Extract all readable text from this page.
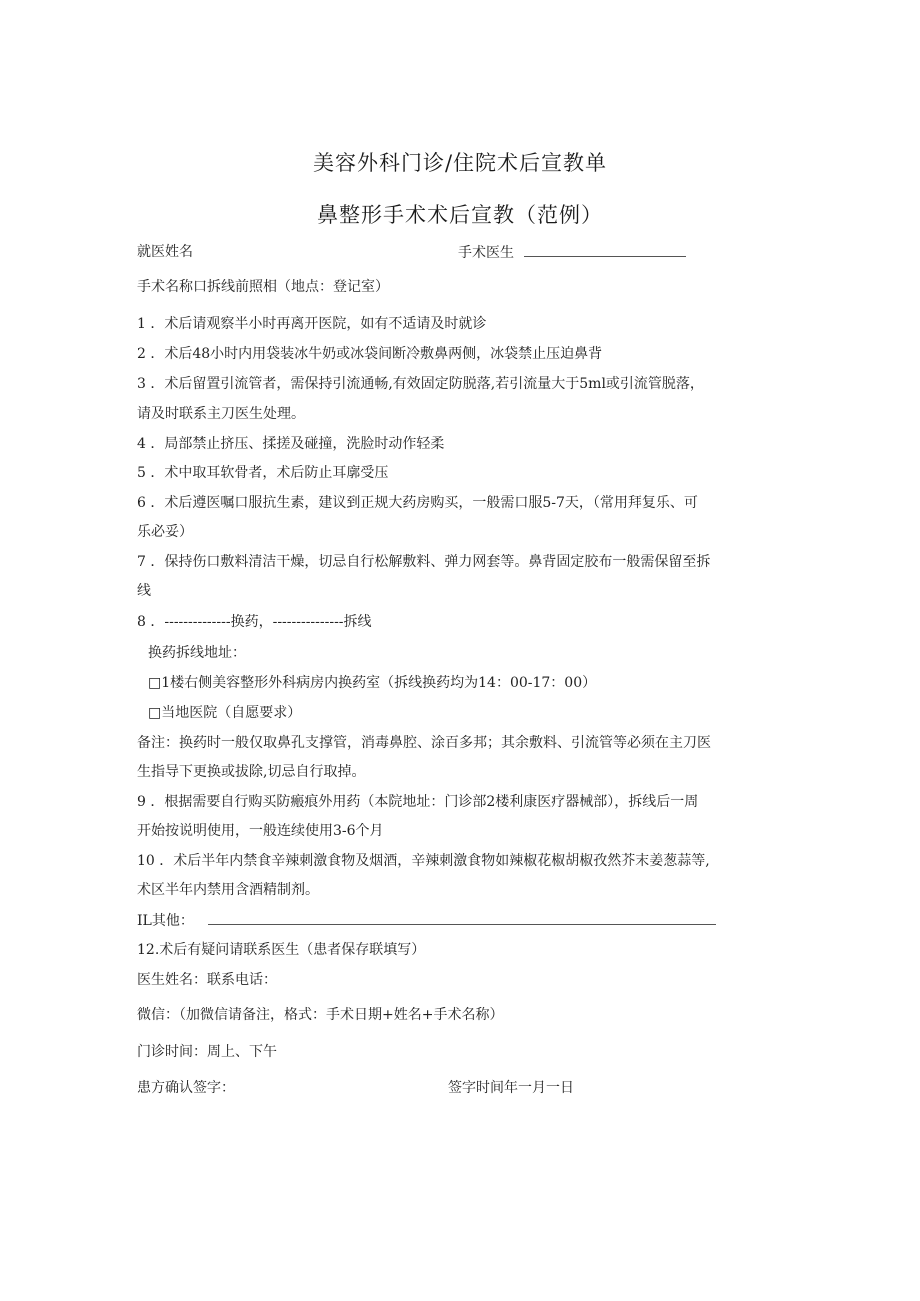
美容外科门诊/住院术后宣教单
鼻整形手术术后宣教（范例）
就医姓名	手术医生
手术名称口拆线前照相（地点：登记室）
1 ．术后请观察半小时再离开医院，如有不适请及时就诊
2 ．术后48小时内用袋装冰牛奶或冰袋间断冷敷鼻两侧，冰袋禁止压迫鼻背
3 ．术后留置引流管者，需保持引流通畅,有效固定防脱落,若引流量大于5ml或引流管脱落，
请及时联系主刀医生处理。
4 ．局部禁止挤压、揉搓及碰撞，洗脸时动作轻柔
5 ．术中取耳软骨者，术后防止耳廓受压
6 ．术后遵医嘱口服抗生素，建议到正规大药房购买，一般需口服5-7天，（常用拜复乐、可
乐必妥）
7 ．保持伤口敷料清洁干燥，切忌自行松解敷料、弹力网套等。鼻背固定胶布一般需保留至拆
线
8 ．--------------换药，---------------拆线
换药拆线地址：
□1楼右侧美容整形外科病房内换药室（拆线换药均为14：00-17：00）
□当地医院（自愿要求）
备注：换药时一般仅取鼻孔支撑管，消毒鼻腔、涂百多邦；其余敷料、引流管等必须在主刀医
生指导下更换或拔除,切忌自行取掉。
9 ．根据需要自行购买防瘢痕外用药（本院地址：门诊部2楼利康医疗器械部），拆线后一周
开始按说明使用，一般连续使用3-6个月
10 ．术后半年内禁食辛辣刺激食物及烟酒，辛辣刺激食物如辣椒花椒胡椒孜然芥末姜葱蒜等,
术区半年内禁用含酒精制剂。
IL其他：
12.术后有疑问请联系医生（患者保存联填写）
医生姓名：联系电话：
微信：（加微信请备注，格式：手术日期+姓名+手术名称）
门诊时间：周上、下午
患方确认签字：	签字时间年一月一日
